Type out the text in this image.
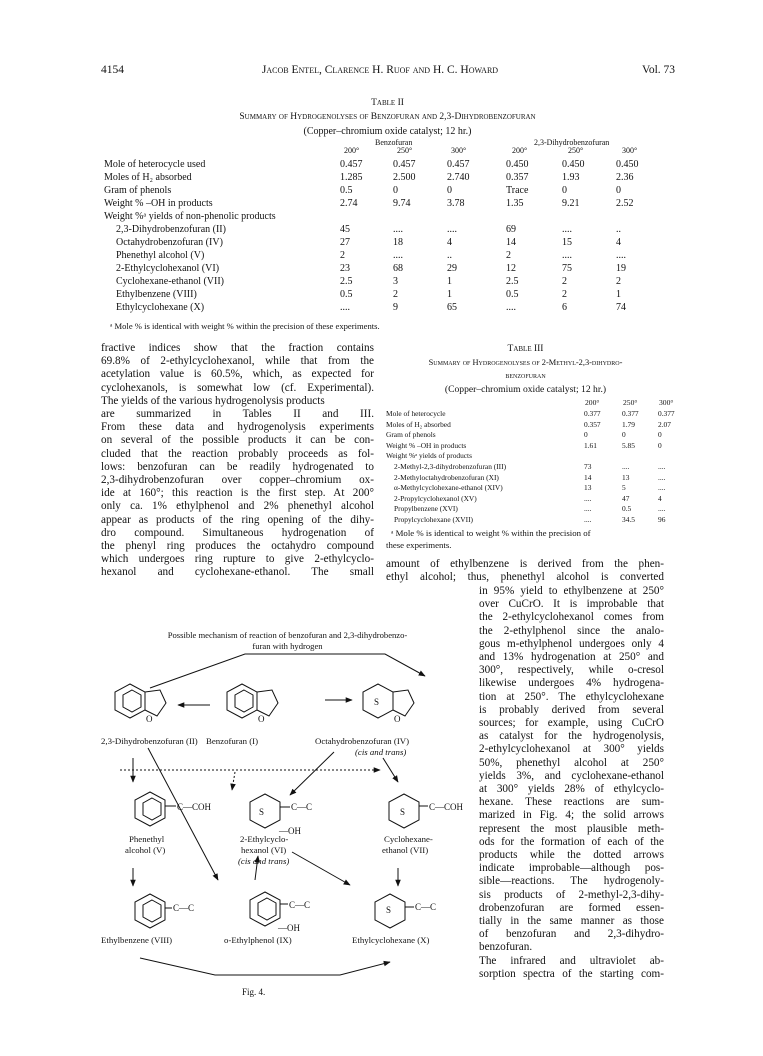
4154	Jacob Entel, Clarence H. Ruof and H. C. Howard	Vol. 73
Table II
Summary of Hydrogenolyses of Benzofuran and 2,3-Dihydrobenzofuran
(Copper–chromium oxide catalyst; 12 hr.)
Benzofuran	2,3-Dihydrobenzofuran
200°	250°	300°	200°	250°	300°
Mole of heterocycle used	0.457	0.457	0.457	0.450	0.450	0.450
Moles of H₂ absorbed	1.285	2.500	2.740	0.357	1.93	2.36
Gram of phenols	0.5	0	0	Trace	0	0
Weight % –OH in products	2.74	9.74	3.78	1.35	9.21	2.52
Weight %ᵃ yields of non-phenolic products						
2,3-Dihydrobenzofuran (II)	45	....	....	69	....	..
Octahydrobenzofuran (IV)	27	18	4	14	15	4
Phenethyl alcohol (V)	2	....	..	2	....	....
2-Ethylcyclohexanol (VI)	23	68	29	12	75	19
Cyclohexane-ethanol (VII)	2.5	3	1	2.5	2	2
Ethylbenzene (VIII)	0.5	2	1	0.5	2	1
Ethylcyclohexane (X)	....	9	65	....	6	74
ᵃ Mole % is identical with weight % within the precision of these experiments.
fractive indices show that the fraction contains
69.8% of 2-ethylcyclohexanol, while that from the
acetylation value is 60.5%, which, as expected for
cyclohexanols, is somewhat low (cf. Experimental).
The yields of the various hydrogenolysis products
are summarized in Tables II and III.
From these data and hydrogenolysis experiments
on several of the possible products it can be con-
cluded that the reaction probably proceeds as fol-
lows: benzofuran can be readily hydrogenated to
2,3-dihydrobenzofuran over copper–chromium ox-
ide at 160°; this reaction is the first step. At 200°
only ca. 1% ethylphenol and 2% phenethyl alcohol
appear as products of the ring opening of the dihy-
dro compound. Simultaneous hydrogenation of
the phenyl ring produces the octahydro compound
which undergoes ring rupture to give 2-ethylcyclo-
hexanol and cyclohexane-ethanol. The small
Table III
Summary of Hydrogenolyses of 2-Methyl-2,3-dihydro-
benzofuran
(Copper–chromium oxide catalyst; 12 hr.)
200°	250°	300°
Mole of heterocycle	0.377	0.377	0.377
Moles of H₂ absorbed	0.357	1.79	2.07
Gram of phenols	0	0	0
Weight % –OH in products	1.61	5.85	0
Weight %ᵃ yields of products			
2-Methyl-2,3-dihydrobenzofuran (III)	73	....	....
2-Methyloctahydrobenzofuran (XI)	14	13	....
α-Methylcyclohexane-ethanol (XIV)	13	5	....
2-Propylcyclohexanol (XV)	....	47	4
Propylbenzene (XVI)	....	0.5	....
Propylcyclohexane (XVII)	....	34.5	96
ᵃ Mole % is identical to weight % within the precision of
these experiments.
amount of ethylbenzene is derived from the phen-
ethyl alcohol; thus, phenethyl alcohol is converted
in 95% yield to ethylbenzene at 250°
over CuCrO. It is improbable that
the 2-ethylcyclohexanol comes from
the 2-ethylphenol since the analo-
gous m-ethylphenol undergoes only 4
and 13% hydrogenation at 250° and
300°, respectively, while o-cresol
likewise undergoes 4% hydrogena-
tion at 250°. The ethylcyclohexane
is probably derived from several
sources; for example, using CuCrO
as catalyst for the hydrogenolysis,
2-ethylcyclohexanol at 300° yields
50%, phenethyl alcohol at 250°
yields 3%, and cyclohexane-ethanol
at 300° yields 28% of ethylcyclo-
hexane. These reactions are sum-
marized in Fig. 4; the solid arrows
represent the most plausible meth-
ods for the formation of each of the
products while the dotted arrows
indicate improbable—although pos-
sible—reactions. The hydrogenoly-
sis products of 2-methyl-2,3-dihy-
drobenzofuran are formed essen-
tially in the same manner as those
of benzofuran and 2,3-dihydro-
benzofuran.
The infrared and ultraviolet ab-
sorption spectra of the starting com-
Possible mechanism of reaction of benzofuran and 2,3-dihydrobenzo-
furan with hydrogen
O	O	O
S
C—COH	C—C
S
—OH
S	C—COH
C—C	C—C
—OH
S	C—C
2,3-Dihydrobenzofuran (II) Benzofuran (I)	Octahydrobenzofuran (IV)
(cis and trans)
Phenethyl
alcohol (V)
2-Ethylcyclo-
hexanol (VI)
(cis and trans)
Cyclohexane-
ethanol (VII)
Ethylbenzene (VIII)	o-Ethylphenol (IX)	Ethylcyclohexane (X)
Fig. 4.
